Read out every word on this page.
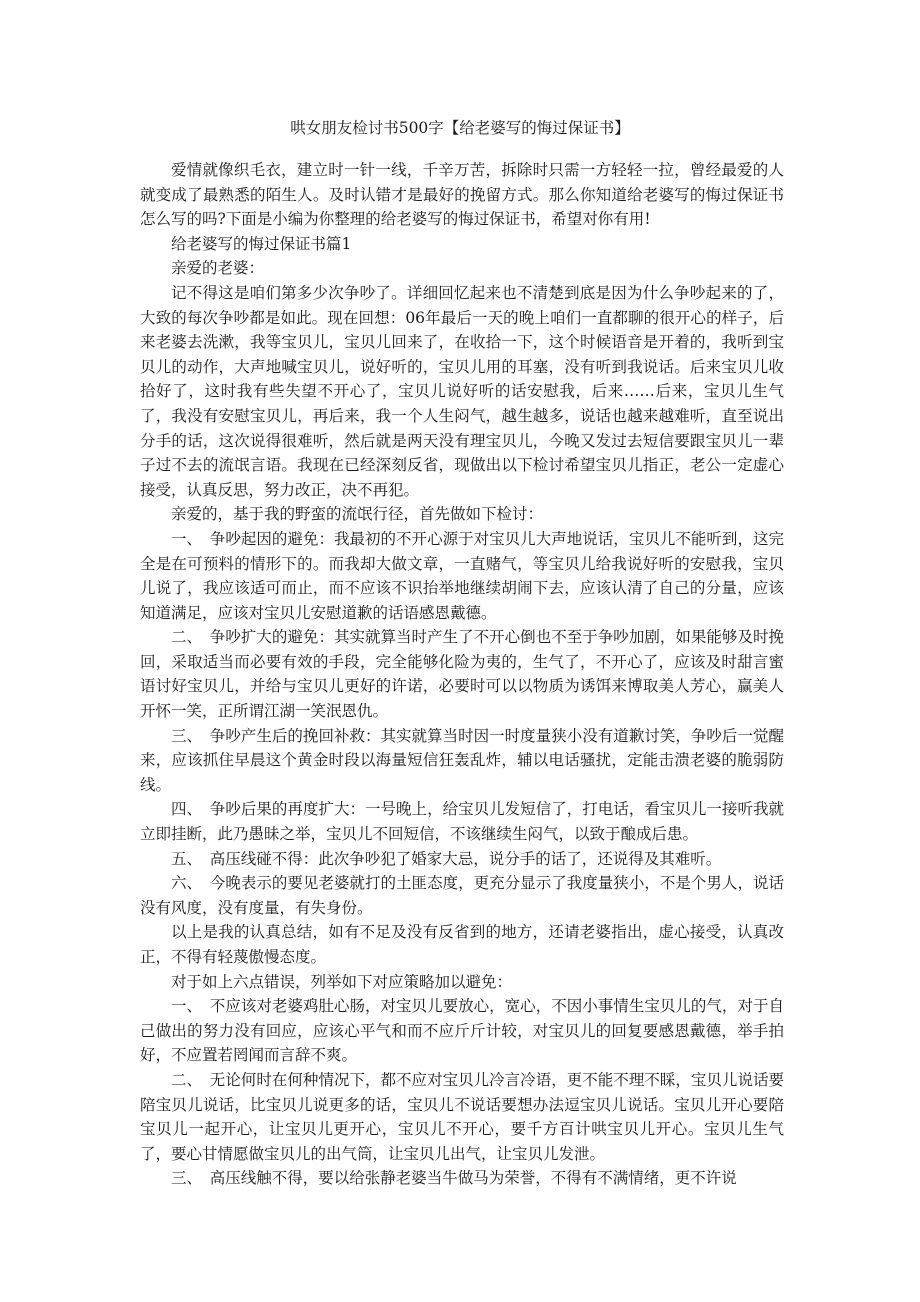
哄女朋友检讨书500字【给老婆写的悔过保证书】

爱情就像织毛衣，建立时一针一线，千辛万苦，拆除时只需一方轻轻一拉，曾经最爱的人就变成了最熟悉的陌生人。及时认错才是最好的挽留方式。那么你知道给老婆写的悔过保证书怎么写的吗?下面是小编为你整理的给老婆写的悔过保证书，希望对你有用!

给老婆写的悔过保证书篇1

亲爱的老婆：

记不得这是咱们第多少次争吵了。详细回忆起来也不清楚到底是因为什么争吵起来的了，大致的每次争吵都是如此。现在回想：06年最后一天的晚上咱们一直都聊的很开心的样子，后来老婆去洗漱，我等宝贝儿，宝贝儿回来了，在收拾一下，这个时候语音是开着的，我听到宝贝儿的动作，大声地喊宝贝儿，说好听的，宝贝儿用的耳塞，没有听到我说话。后来宝贝儿收拾好了，这时我有些失望不开心了，宝贝儿说好听的话安慰我，后来……后来，宝贝儿生气了，我没有安慰宝贝儿，再后来，我一个人生闷气，越生越多，说话也越来越难听，直至说出分手的话，这次说得很难听，然后就是两天没有理宝贝儿，今晚又发过去短信要跟宝贝儿一辈子过不去的流氓言语。我现在已经深刻反省，现做出以下检讨希望宝贝儿指正，老公一定虚心接受，认真反思，努力改正，决不再犯。

亲爱的，基于我的野蛮的流氓行径，首先做如下检讨：

一、　争吵起因的避免：我最初的不开心源于对宝贝儿大声地说话，宝贝儿不能听到，这完全是在可预料的情形下的。而我却大做文章，一直赌气，等宝贝儿给我说好听的安慰我，宝贝儿说了，我应该适可而止，而不应该不识抬举地继续胡闹下去，应该认清了自己的分量，应该知道满足，应该对宝贝儿安慰道歉的话语感恩戴德。

二、　争吵扩大的避免：其实就算当时产生了不开心倒也不至于争吵加剧，如果能够及时挽回，采取适当而必要有效的手段，完全能够化险为夷的，生气了，不开心了，应该及时甜言蜜语讨好宝贝儿，并给与宝贝儿更好的许诺，必要时可以以物质为诱饵来博取美人芳心，赢美人开怀一笑，正所谓江湖一笑泯恩仇。

三、　争吵产生后的挽回补救：其实就算当时因一时度量狭小没有道歉讨笑，争吵后一觉醒来，应该抓住早晨这个黄金时段以海量短信狂轰乱炸，辅以电话骚扰，定能击溃老婆的脆弱防线。

四、　争吵后果的再度扩大：一号晚上，给宝贝儿发短信了，打电话，看宝贝儿一接听我就立即挂断，此乃愚昧之举，宝贝儿不回短信，不该继续生闷气，以致于酿成后患。

五、　高压线碰不得：此次争吵犯了婚家大忌，说分手的话了，还说得及其难听。

六、　今晚表示的要见老婆就打的土匪态度，更充分显示了我度量狭小，不是个男人，说话没有风度，没有度量，有失身份。

以上是我的认真总结，如有不足及没有反省到的地方，还请老婆指出，虚心接受，认真改正，不得有轻蔑傲慢态度。

对于如上六点错误，列举如下对应策略加以避免：

一、　不应该对老婆鸡肚心肠，对宝贝儿要放心，宽心，不因小事情生宝贝儿的气，对于自己做出的努力没有回应，应该心平气和而不应斤斤计较，对宝贝儿的回复要感恩戴德，举手拍好，不应置若罔闻而言辞不爽。

二、　无论何时在何种情况下，都不应对宝贝儿冷言冷语，更不能不理不睬，宝贝儿说话要陪宝贝儿说话，比宝贝儿说更多的话，宝贝儿不说话要想办法逗宝贝儿说话。宝贝儿开心要陪宝贝儿一起开心，让宝贝儿更开心，宝贝儿不开心，要千方百计哄宝贝儿开心。宝贝儿生气了，要心甘情愿做宝贝儿的出气筒，让宝贝儿出气，让宝贝儿发泄。

三、　高压线触不得，要以给张静老婆当牛做马为荣誉，不得有不满情绪，更不许说
